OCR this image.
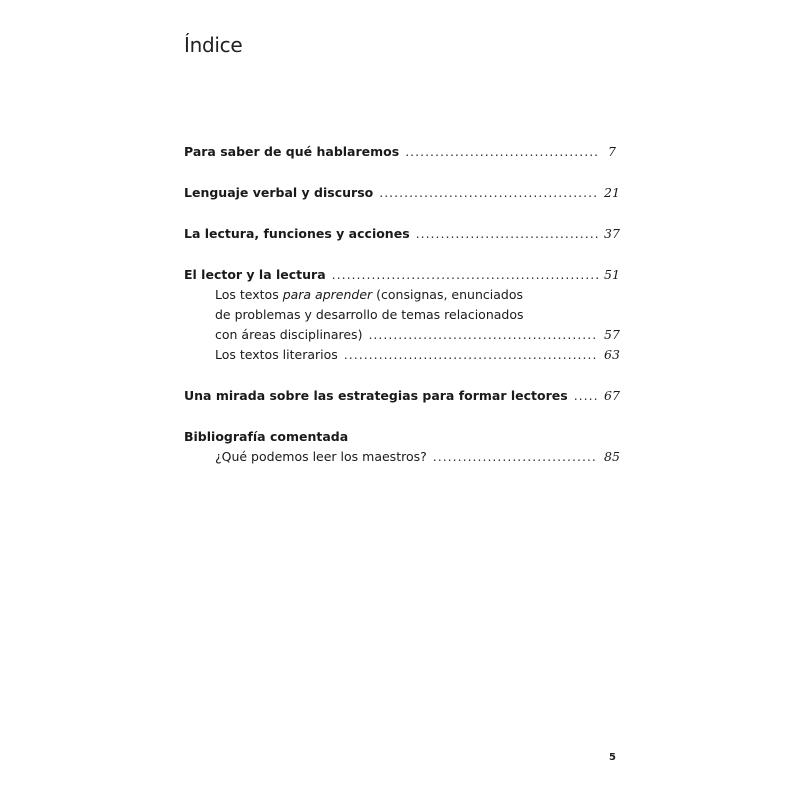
Índice
Para saber de qué hablaremos .....	7
Lenguaje verbal y discurso .....	21
La lectura, funciones y acciones .....	37
El lector y la lectura .....	51
Los textos para aprender (consignas, enunciados
de problemas y desarrollo de temas relacionados
con áreas disciplinares) .....	57
Los textos literarios .....	63
Una mirada sobre las estrategias para formar lectores .....	67
Bibliografía comentada
¿Qué podemos leer los maestros? .....	85
5
